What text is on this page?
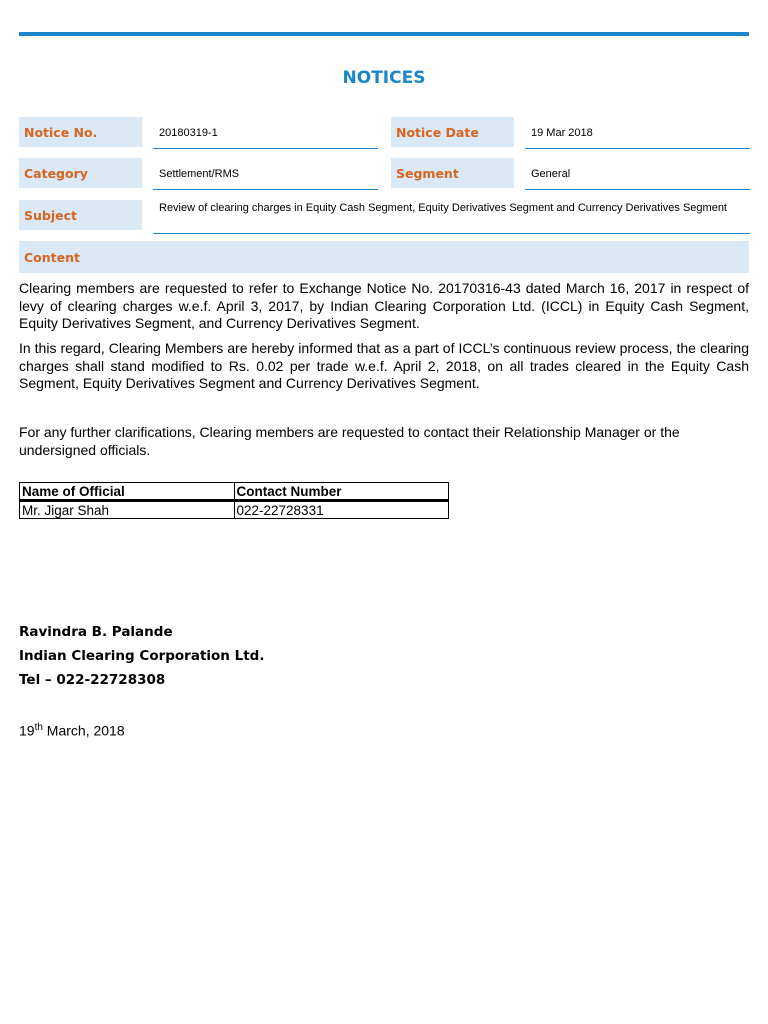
NOTICES
Notice No.	20180319-1	Notice Date	19 Mar 2018
Category	Settlement/RMS	Segment	General
Subject	Review of clearing charges in Equity Cash Segment, Equity Derivatives Segment and Currency Derivatives Segment
Content

Clearing members are requested to refer to Exchange Notice No. 20170316-43 dated March 16, 2017 in respect of levy of clearing charges w.e.f. April 3, 2017, by Indian Clearing Corporation Ltd. (ICCL) in Equity Cash Segment, Equity Derivatives Segment, and Currency Derivatives Segment.

In this regard, Clearing Members are hereby informed that as a part of ICCL’s continuous review process, the clearing charges shall stand modified to Rs. 0.02 per trade w.e.f. April 2, 2018, on all trades cleared in the Equity Cash Segment, Equity Derivatives Segment and Currency Derivatives Segment.

For any further clarifications, Clearing members are requested to contact their Relationship Manager or the undersigned officials.

Name of Official	Contact Number
Mr. Jigar Shah	022-22728331
Ravindra B. Palande
Indian Clearing Corporation Ltd.
Tel – 022-22728308
19th March, 2018
